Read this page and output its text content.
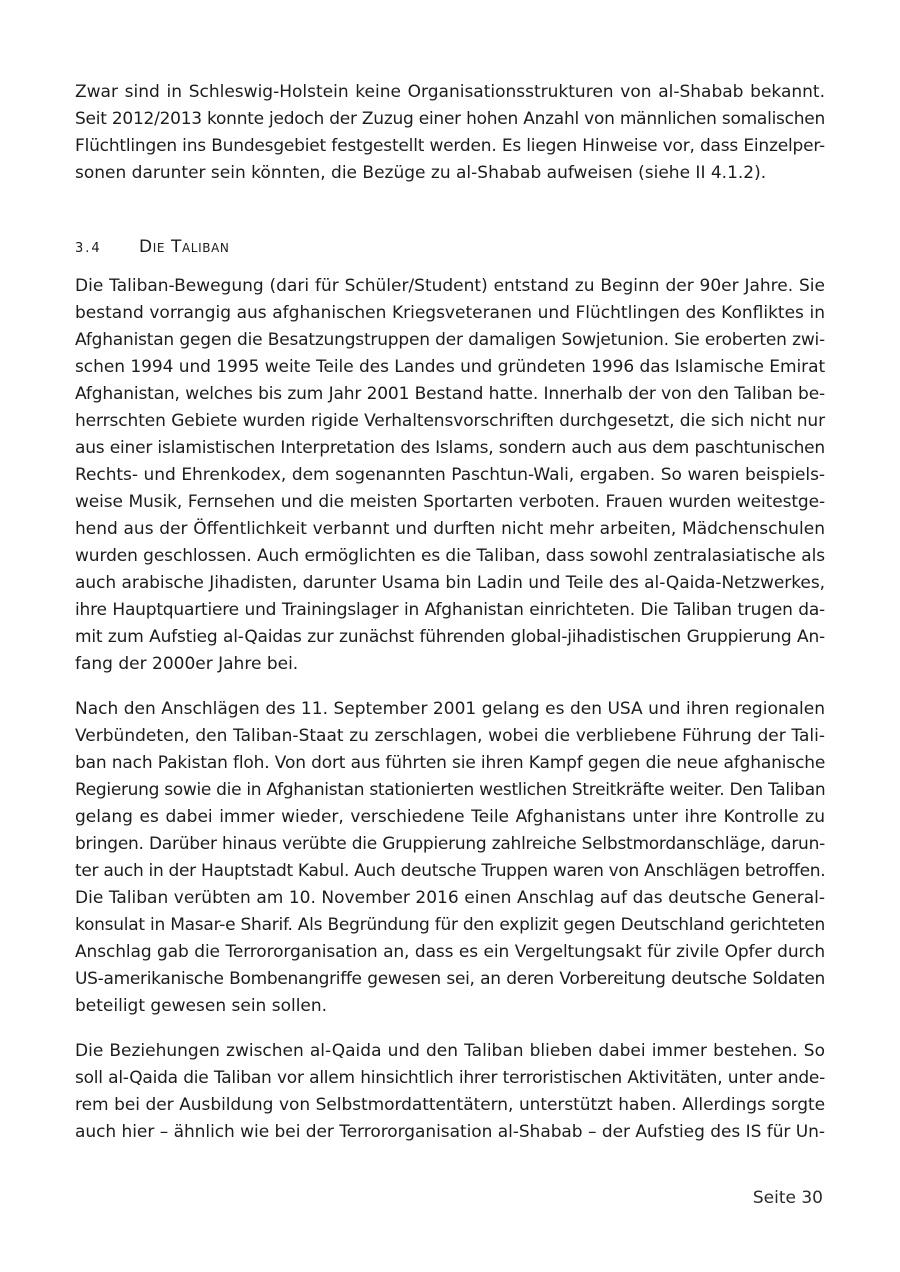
Zwar sind in Schleswig-Holstein keine Organisationsstrukturen von al-Shabab bekannt.
Seit 2012/2013 konnte jedoch der Zuzug einer hohen Anzahl von männlichen somalischen
Flüchtlingen ins Bundesgebiet festgestellt werden. Es liegen Hinweise vor, dass Einzelper-
sonen darunter sein könnten, die Bezüge zu al-Shabab aufweisen (siehe II 4.1.2).

3.4	Die Taliban

Die Taliban-Bewegung (dari für Schüler/Student) entstand zu Beginn der 90er Jahre. Sie
bestand vorrangig aus afghanischen Kriegsveteranen und Flüchtlingen des Konfliktes in
Afghanistan gegen die Besatzungstruppen der damaligen Sowjetunion. Sie eroberten zwi-
schen 1994 und 1995 weite Teile des Landes und gründeten 1996 das Islamische Emirat
Afghanistan, welches bis zum Jahr 2001 Bestand hatte. Innerhalb der von den Taliban be-
herrschten Gebiete wurden rigide Verhaltensvorschriften durchgesetzt, die sich nicht nur
aus einer islamistischen Interpretation des Islams, sondern auch aus dem paschtunischen
Rechts- und Ehrenkodex, dem sogenannten Paschtun-Wali, ergaben. So waren beispiels-
weise Musik, Fernsehen und die meisten Sportarten verboten. Frauen wurden weitestge-
hend aus der Öffentlichkeit verbannt und durften nicht mehr arbeiten, Mädchenschulen
wurden geschlossen. Auch ermöglichten es die Taliban, dass sowohl zentralasiatische als
auch arabische Jihadisten, darunter Usama bin Ladin und Teile des al-Qaida-Netzwerkes,
ihre Hauptquartiere und Trainingslager in Afghanistan einrichteten. Die Taliban trugen da-
mit zum Aufstieg al-Qaidas zur zunächst führenden global-jihadistischen Gruppierung An-
fang der 2000er Jahre bei.

Nach den Anschlägen des 11. September 2001 gelang es den USA und ihren regionalen
Verbündeten, den Taliban-Staat zu zerschlagen, wobei die verbliebene Führung der Tali-
ban nach Pakistan floh. Von dort aus führten sie ihren Kampf gegen die neue afghanische
Regierung sowie die in Afghanistan stationierten westlichen Streitkräfte weiter. Den Taliban
gelang es dabei immer wieder, verschiedene Teile Afghanistans unter ihre Kontrolle zu
bringen. Darüber hinaus verübte die Gruppierung zahlreiche Selbstmordanschläge, darun-
ter auch in der Hauptstadt Kabul. Auch deutsche Truppen waren von Anschlägen betroffen.
Die Taliban verübten am 10. November 2016 einen Anschlag auf das deutsche General-
konsulat in Masar-e Sharif. Als Begründung für den explizit gegen Deutschland gerichteten
Anschlag gab die Terrororganisation an, dass es ein Vergeltungsakt für zivile Opfer durch
US-amerikanische Bombenangriffe gewesen sei, an deren Vorbereitung deutsche Soldaten
beteiligt gewesen sein sollen.

Die Beziehungen zwischen al-Qaida und den Taliban blieben dabei immer bestehen. So
soll al-Qaida die Taliban vor allem hinsichtlich ihrer terroristischen Aktivitäten, unter ande-
rem bei der Ausbildung von Selbstmordattentätern, unterstützt haben. Allerdings sorgte
auch hier – ähnlich wie bei der Terrororganisation al-Shabab – der Aufstieg des IS für Un-

Seite 30
